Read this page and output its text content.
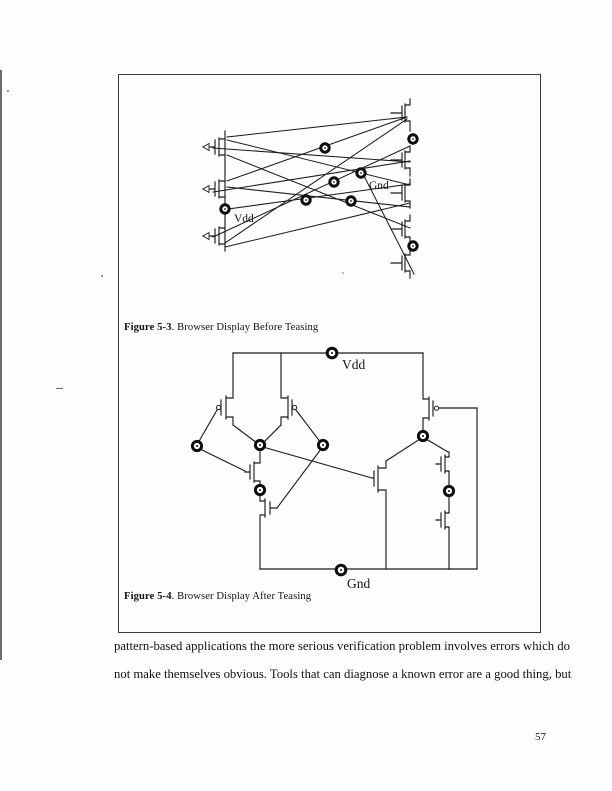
Vdd
Gnd
Vdd
Gnd
Figure 5-3. Browser Display Before Teasing
Figure 5-4. Browser Display After Teasing
pattern-based applications the more serious verification problem involves errors which do
not make themselves obvious. Tools that can diagnose a known error are a good thing, but
57
